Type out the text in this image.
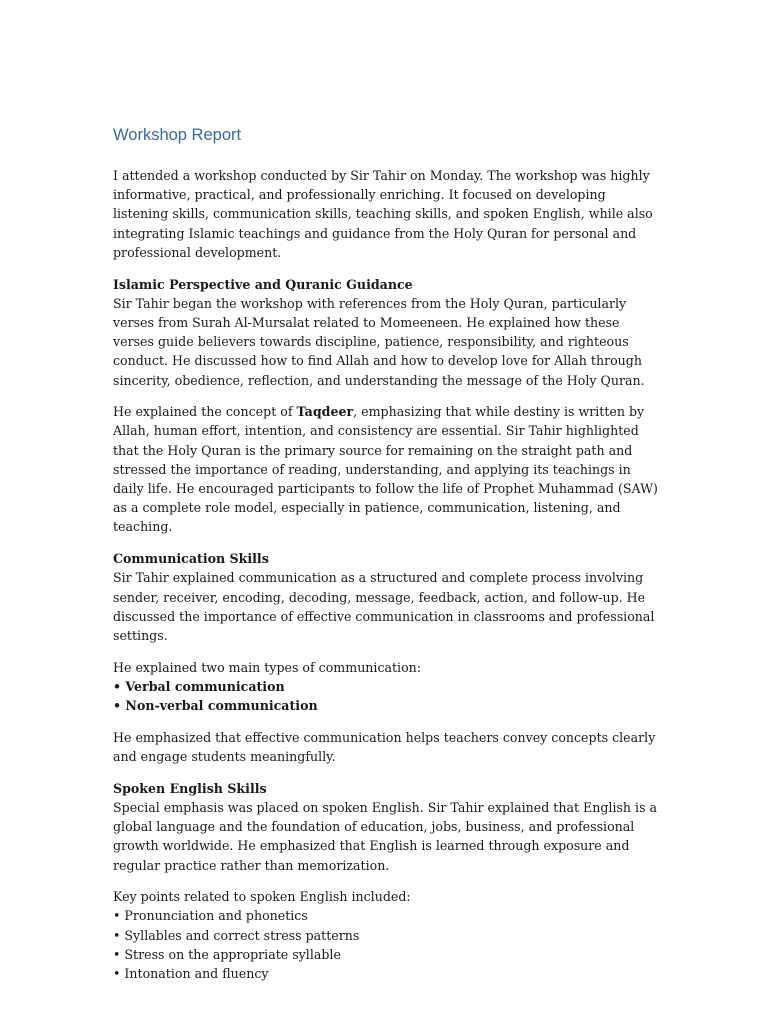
Workshop Report

I attended a workshop conducted by Sir Tahir on Monday. The workshop was highly informative, practical, and professionally enriching. It focused on developing listening skills, communication skills, teaching skills, and spoken English, while also integrating Islamic teachings and guidance from the Holy Quran for personal and professional development.

Islamic Perspective and Quranic Guidance

Sir Tahir began the workshop with references from the Holy Quran, particularly verses from Surah Al-Mursalat related to Momeeneen. He explained how these verses guide believers towards discipline, patience, responsibility, and righteous conduct. He discussed how to find Allah and how to develop love for Allah through sincerity, obedience, reflection, and understanding the message of the Holy Quran.

He explained the concept of Taqdeer, emphasizing that while destiny is written by Allah, human effort, intention, and consistency are essential. Sir Tahir highlighted that the Holy Quran is the primary source for remaining on the straight path and stressed the importance of reading, understanding, and applying its teachings in daily life. He encouraged participants to follow the life of Prophet Muhammad (SAW) as a complete role model, especially in patience, communication, listening, and teaching.

Communication Skills

Sir Tahir explained communication as a structured and complete process involving sender, receiver, encoding, decoding, message, feedback, action, and follow-up. He discussed the importance of effective communication in classrooms and professional settings.

He explained two main types of communication:

• Verbal communication
• Non-verbal communication

He emphasized that effective communication helps teachers convey concepts clearly and engage students meaningfully.

Spoken English Skills

Special emphasis was placed on spoken English. Sir Tahir explained that English is a global language and the foundation of education, jobs, business, and professional growth worldwide. He emphasized that English is learned through exposure and regular practice rather than memorization.

Key points related to spoken English included:

• Pronunciation and phonetics
• Syllables and correct stress patterns
• Stress on the appropriate syllable
• Intonation and fluency
